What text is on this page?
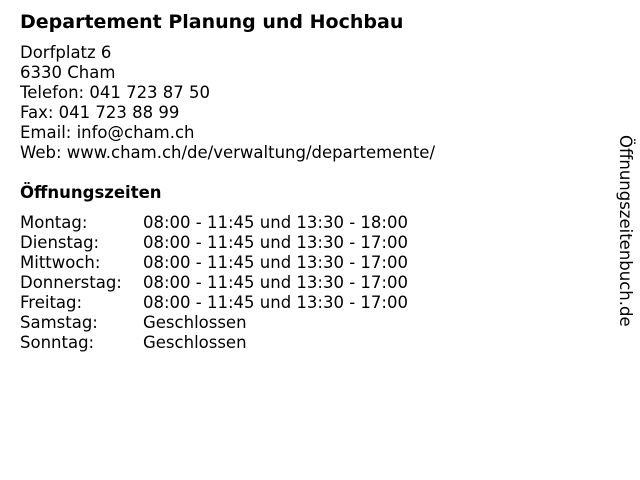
Departement Planung und Hochbau
Dorfplatz 6
6330 Cham
Telefon: 041 723 87 50
Fax: 041 723 88 99
Email: info@cham.ch
Web: www.cham.ch/de/verwaltung/departemente/
Öffnungszeiten
Montag:	08:00 - 11:45 und 13:30 - 18:00
Dienstag:	08:00 - 11:45 und 13:30 - 17:00
Mittwoch:	08:00 - 11:45 und 13:30 - 17:00
Donnerstag: 08:00 - 11:45 und 13:30 - 17:00
Freitag:	08:00 - 11:45 und 13:30 - 17:00
Samstag:	Geschlossen
Sonntag:	Geschlossen
Öffnungszeitenbuch.de
